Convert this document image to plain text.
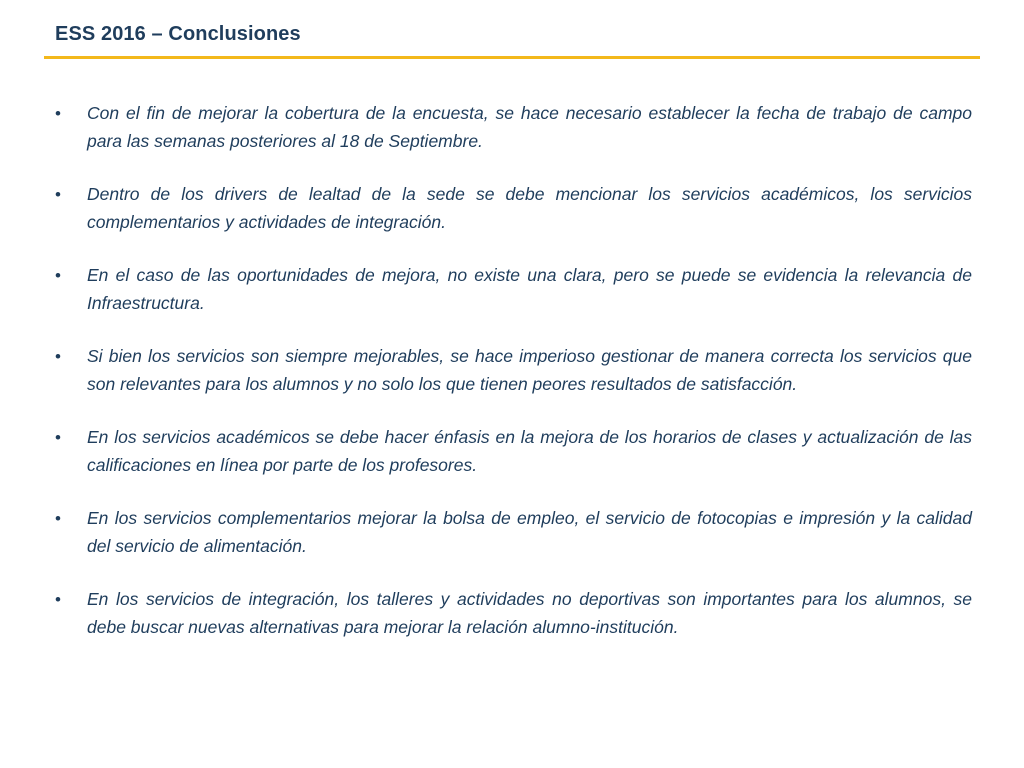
ESS 2016 – Conclusiones
• Con el fin de mejorar la cobertura de la encuesta, se hace necesario establecer la fecha de trabajo de campo para las semanas posteriores al 18 de Septiembre.
• Dentro de los drivers de lealtad de la sede se debe mencionar los servicios académicos, los servicios complementarios y actividades de integración.
• En el caso de las oportunidades de mejora, no existe una clara, pero se puede se evidencia la relevancia de Infraestructura.
• Si bien los servicios son siempre mejorables, se hace imperioso gestionar de manera correcta los servicios que son relevantes para los alumnos y no solo los que tienen peores resultados de satisfacción.
• En los servicios académicos se debe hacer énfasis en la mejora de los horarios de clases y actualización de las calificaciones en línea por parte de los profesores.
• En los servicios complementarios mejorar la bolsa de empleo, el servicio de fotocopias e impresión y la calidad del servicio de alimentación.
• En los servicios de integración, los talleres y actividades no deportivas son importantes para los alumnos, se debe buscar nuevas alternativas para mejorar la relación alumno-institución.
